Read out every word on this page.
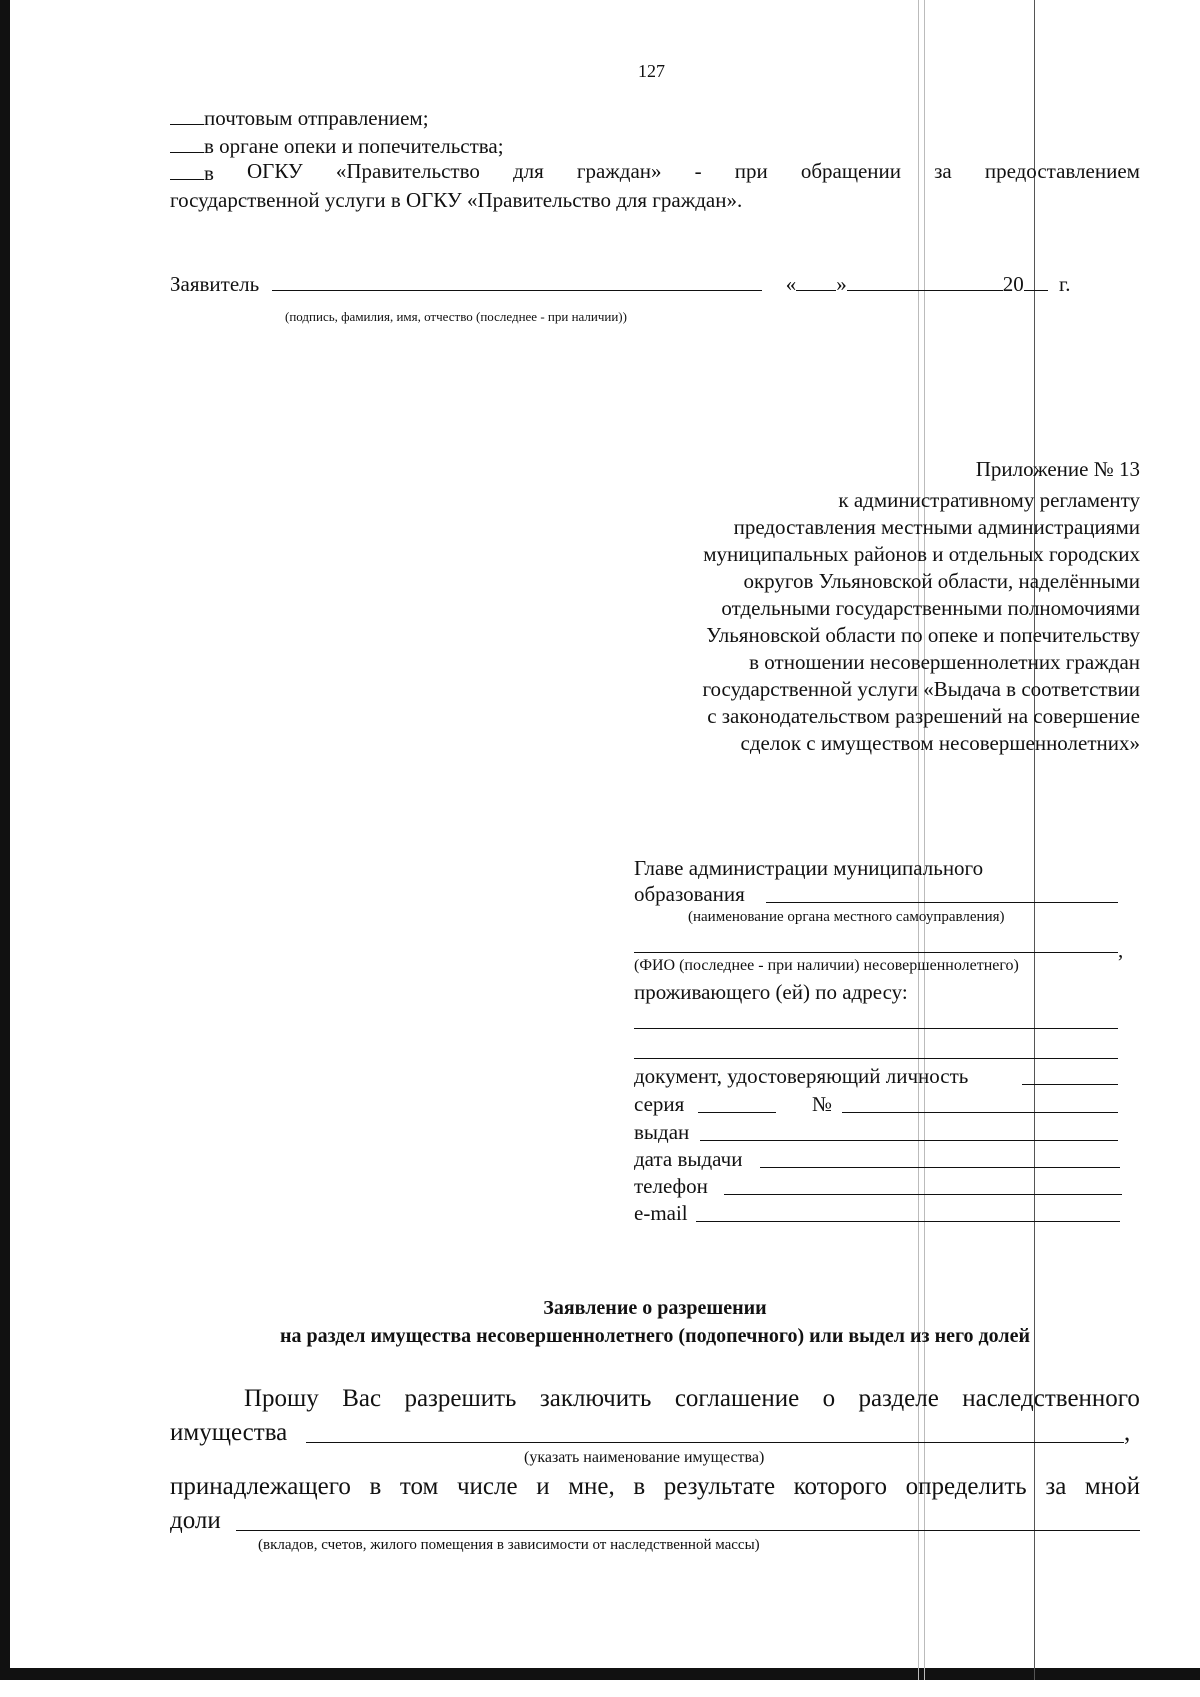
127
почтовым отправлением;
в органе опеки и попечительства;
в ОГКУ «Правительство для граждан» - при обращении за предоставлением
государственной услуги в ОГКУ «Правительство для граждан».
Заявитель	« »	20 г.
(подпись, фамилия, имя, отчество (последнее - при наличии))
Приложение № 13
к административному регламенту
предоставления местными администрациями
муниципальных районов и отдельных городских
округов Ульяновской области, наделёнными
отдельными государственными полномочиями
Ульяновской области по опеке и попечительству
в отношении несовершеннолетних граждан
государственной услуги «Выдача в соответствии
с законодательством разрешений на совершение
сделок с имуществом несовершеннолетних»
Главе администрации муниципального
образования
(наименование органа местного самоуправления)
,
(ФИО (последнее - при наличии) несовершеннолетнего)
проживающего (ей) по адресу:
документ, удостоверяющий личность
серия	№
выдан
дата выдачи
телефон
e-mail
Заявление о разрешении
на раздел имущества несовершеннолетнего (подопечного) или выдел из него долей
Прошу Вас разрешить заключить соглашение о разделе наследственного
имущества	,
(указать наименование имущества)
принадлежащего в том числе и мне, в результате которого определить за мной
доли
(вкладов, счетов, жилого помещения в зависимости от наследственной массы)
